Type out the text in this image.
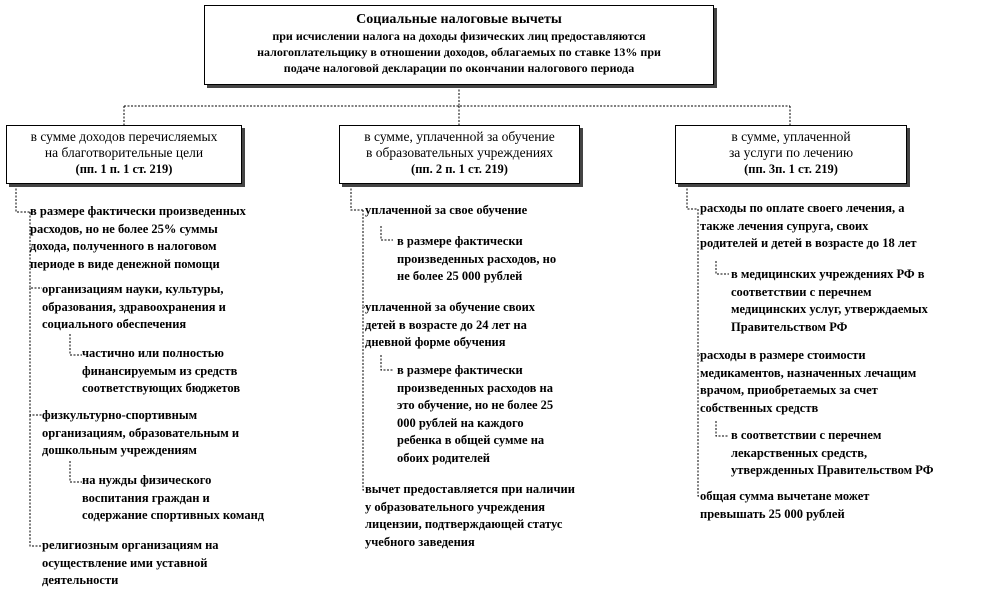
Социальные налоговые вычеты
при исчислении налога на доходы физических лиц предоставляются
налогоплательщику в отношении доходов, облагаемых по ставке 13% при
подаче налоговой декларации по окончании налогового периода
в сумме доходов перечисляемых
на благотворительные цели
(пп. 1 п. 1 ст. 219)
в сумме, уплаченной за обучение
в образовательных учреждениях
(пп. 2 п. 1 ст. 219)
в сумме, уплаченной
за услуги по лечению
(пп. 3п. 1 ст. 219)
в размере фактически произведенных
расходов, но не более 25% суммы
дохода, полученного в налоговом
периоде в виде денежной помощи
организациям науки, культуры,
образования, здравоохранения и
социального обеспечения
частично или полностью
финансируемым из средств
соответствующих бюджетов
физкультурно-спортивным
организациям, образовательным и
дошкольным учреждениям
на нужды физического
воспитания граждан и
содержание спортивных команд
религиозным организациям на
осуществление ими уставной
деятельности
уплаченной за свое обучение
в размере фактически
произведенных расходов, но
не более 25 000 рублей
уплаченной за обучение своих
детей в возрасте до 24 лет на
дневной форме обучения
в размере фактически
произведенных расходов на
это обучение, но не более 25
000 рублей на каждого
ребенка в общей сумме на
обоих родителей
вычет предоставляется при наличии
у образовательного учреждения
лицензии, подтверждающей статус
учебного заведения
расходы по оплате своего лечения, а
также лечения супруга, своих
родителей и детей в возрасте до 18 лет
в медицинских учреждениях РФ в
соответствии с перечнем
медицинских услуг, утверждаемых
Правительством РФ
расходы в размере стоимости
медикаментов, назначенных лечащим
врачом, приобретаемых за счет
собственных средств
в соответствии с перечнем
лекарственных средств,
утвержденных Правительством РФ
общая сумма вычетане может
превышать 25 000 рублей
